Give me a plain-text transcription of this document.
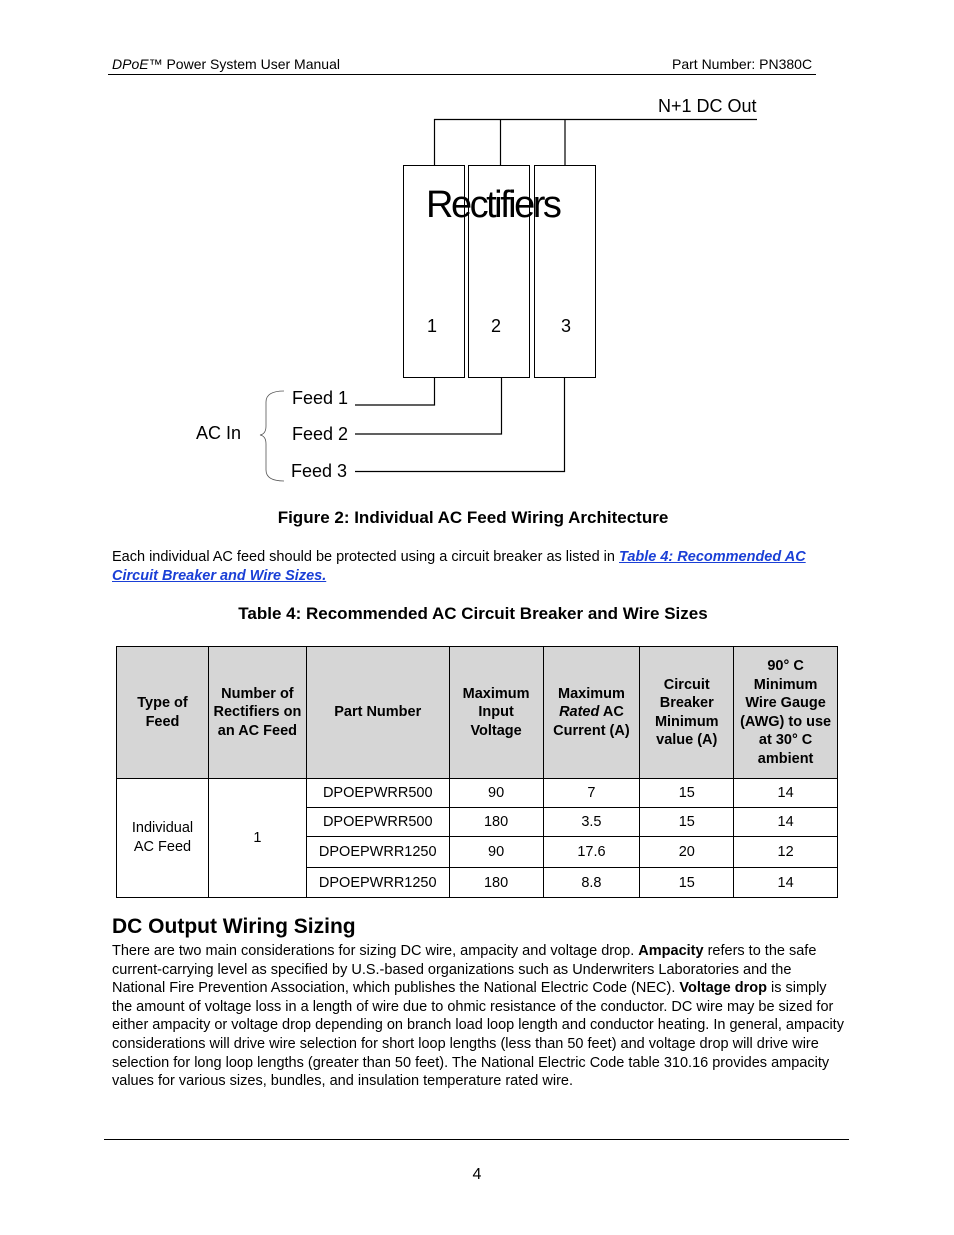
DPoE™ Power System User Manual	Part Number: PN380C
N+1 DC Out
Rectifiers
1	2	3
Feed 1
Feed 2
Feed 3
AC In
Figure 2: Individual AC Feed Wiring Architecture
Each individual AC feed should be protected using a circuit breaker as listed in Table 4: Recommended AC Circuit Breaker and Wire Sizes.
Table 4: Recommended AC Circuit Breaker and Wire Sizes
Type of Feed	Number of Rectifiers on an AC Feed	Part Number	Maximum Input Voltage	Maximum Rated AC Current (A)	Circuit Breaker Minimum value (A)	90° C Minimum Wire Gauge (AWG) to use at 30° C ambient
Individual AC Feed	1	DPOEPWRR500	90	7	15	14
		DPOEPWRR500	180	3.5	15	14
		DPOEPWRR1250	90	17.6	20	12
		DPOEPWRR1250	180	8.8	15	14
DC Output Wiring Sizing
There are two main considerations for sizing DC wire, ampacity and voltage drop. Ampacity refers to the safe current-carrying level as specified by U.S.-based organizations such as Underwriters Laboratories and the National Fire Prevention Association, which publishes the National Electric Code (NEC). Voltage drop is simply the amount of voltage loss in a length of wire due to ohmic resistance of the conductor. DC wire may be sized for either ampacity or voltage drop depending on branch load loop length and conductor heating. In general, ampacity considerations will drive wire selection for short loop lengths (less than 50 feet) and voltage drop will drive wire selection for long loop lengths (greater than 50 feet). The National Electric Code table 310.16 provides ampacity values for various sizes, bundles, and insulation temperature rated wire.
4
